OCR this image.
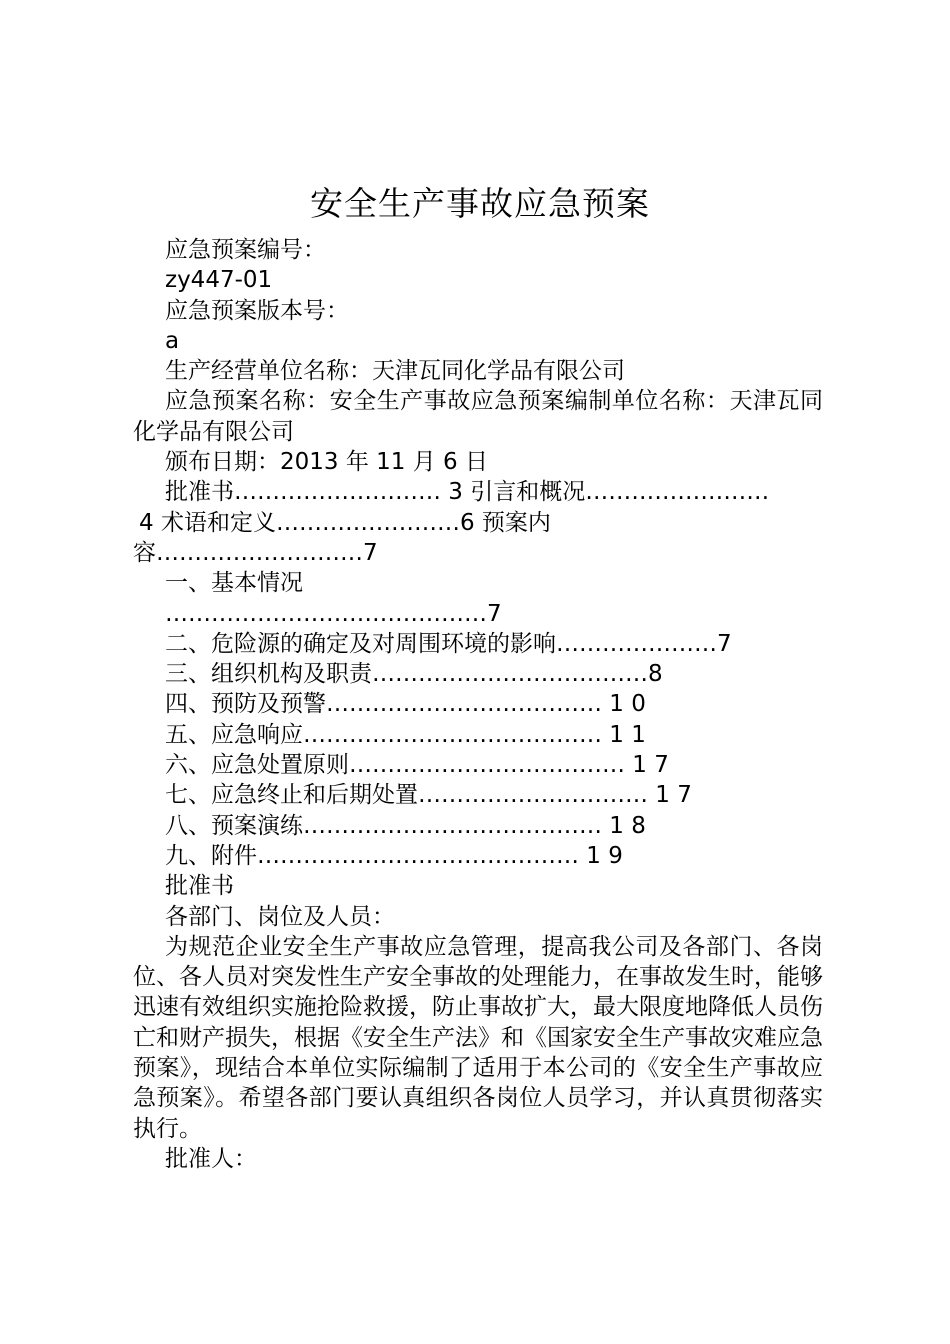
安全生产事故应急预案
应急预案编号：
zy447-01
应急预案版本号：
a
生产经营单位名称：天津瓦同化学品有限公司
应急预案名称：安全生产事故应急预案编制单位名称：天津瓦同化学品有限公司
颁布日期：2013 年 11 月 6 日
批准书……………………… 3 引言和概况……………………
4 术语和定义……………………6 预案内
容………………………7
一、基本情况
……………………………………7
二、危险源的确定及对周围环境的影响…………………7
三、组织机构及职责………………………………8
四、预防及预警……………………………… 1 0
五、应急响应………………………………… 1 1
六、应急处置原则……………………………… 1 7
七、应急终止和后期处置………………………… 1 7
八、预案演练………………………………… 1 8
九、附件…………………………………… 1 9
批准书
各部门、岗位及人员：
为规范企业安全生产事故应急管理，提高我公司及各部门、各岗位、各人员对突发性生产安全事故的处理能力，在事故发生时，能够迅速有效组织实施抢险救援，防止事故扩大，最大限度地降低人员伤亡和财产损失，根据《安全生产法》和《国家安全生产事故灾难应急预案》，现结合本单位实际编制了适用于本公司的《安全生产事故应急预案》。希望各部门要认真组织各岗位人员学习，并认真贯彻落实执行。
批准人：
